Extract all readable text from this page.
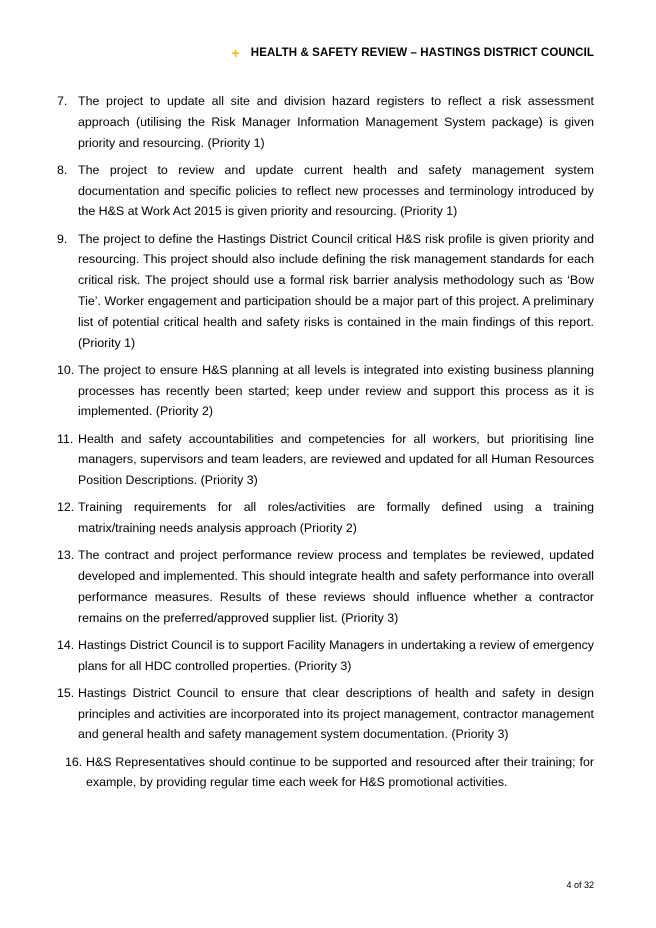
+ HEALTH & SAFETY REVIEW – HASTINGS DISTRICT COUNCIL
7. The project to update all site and division hazard registers to reflect a risk assessment approach (utilising the Risk Manager Information Management System package) is given priority and resourcing. (Priority 1)
8. The project to review and update current health and safety management system documentation and specific policies to reflect new processes and terminology introduced by the H&S at Work Act 2015 is given priority and resourcing. (Priority 1)
9. The project to define the Hastings District Council critical H&S risk profile is given priority and resourcing. This project should also include defining the risk management standards for each critical risk. The project should use a formal risk barrier analysis methodology such as ‘Bow Tie’. Worker engagement and participation should be a major part of this project. A preliminary list of potential critical health and safety risks is contained in the main findings of this report. (Priority 1)
10. The project to ensure H&S planning at all levels is integrated into existing business planning processes has recently been started; keep under review and support this process as it is implemented. (Priority 2)
11. Health and safety accountabilities and competencies for all workers, but prioritising line managers, supervisors and team leaders, are reviewed and updated for all Human Resources Position Descriptions. (Priority 3)
12. Training requirements for all roles/activities are formally defined using a training matrix/training needs analysis approach (Priority 2)
13. The contract and project performance review process and templates be reviewed, updated developed and implemented. This should integrate health and safety performance into overall performance measures. Results of these reviews should influence whether a contractor remains on the preferred/approved supplier list. (Priority 3)
14. Hastings District Council is to support Facility Managers in undertaking a review of emergency plans for all HDC controlled properties. (Priority 3)
15. Hastings District Council to ensure that clear descriptions of health and safety in design principles and activities are incorporated into its project management, contractor management and general health and safety management system documentation. (Priority 3)
16. H&S Representatives should continue to be supported and resourced after their training; for example, by providing regular time each week for H&S promotional activities.
4 of 32
